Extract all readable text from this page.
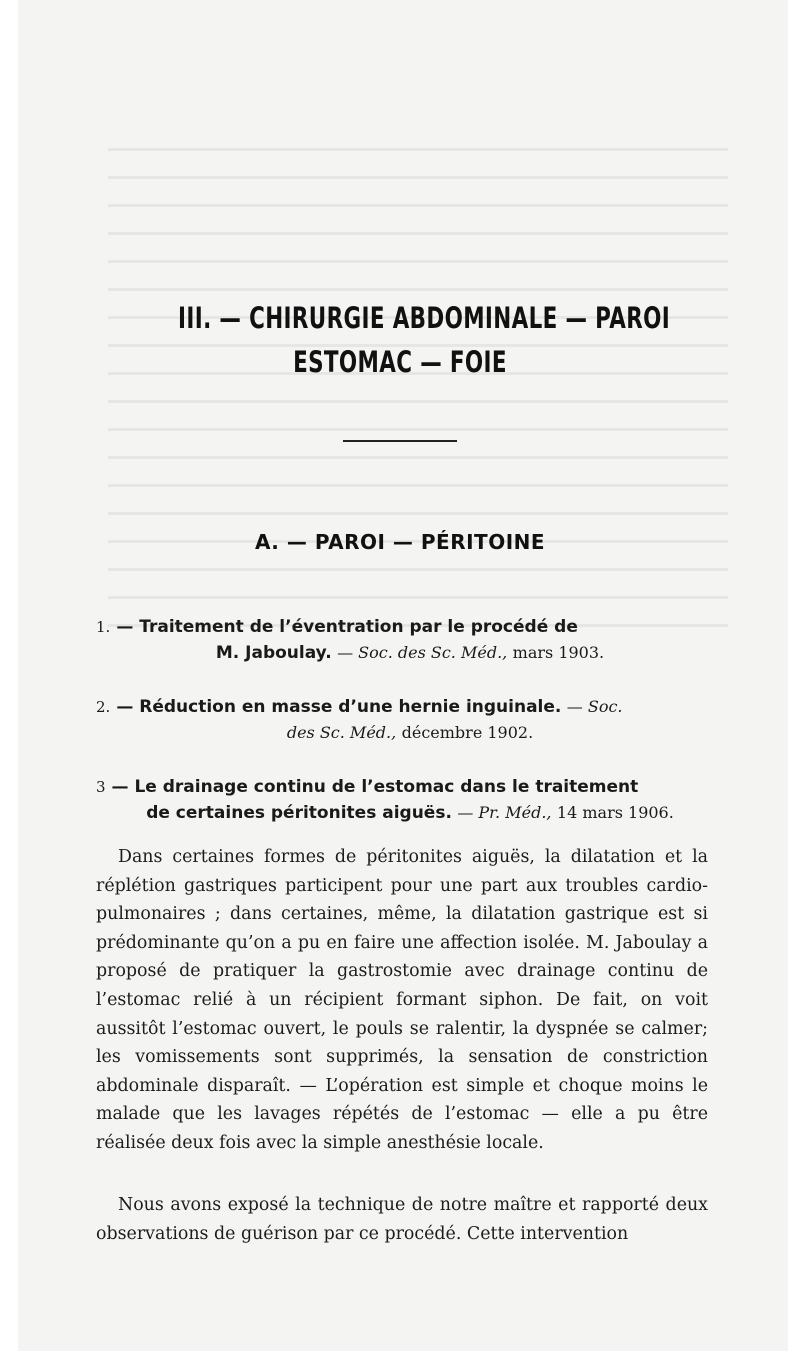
III. — CHIRURGIE ABDOMINALE — PAROI
ESTOMAC — FOIE
A. — PAROI — PÉRITOINE
1. — Traitement de l’éventration par le procédé de
M. Jaboulay. — Soc. des Sc. Méd., mars 1903.
2. — Réduction en masse d’une hernie inguinale. — Soc.
des Sc. Méd., décembre 1902.
3 — Le drainage continu de l’estomac dans le traitement
de certaines péritonites aiguës. — Pr. Méd., 14 mars 1906.

Dans certaines formes de péritonites aiguës, la dilatation et la réplétion gastriques participent pour une part aux troubles cardio-pulmonaires ; dans certaines, même, la dilatation gastrique est si prédominante qu’on a pu en faire une affection isolée. M. Jaboulay a proposé de pratiquer la gastrostomie avec drainage continu de l’estomac relié à un récipient formant siphon. De fait, on voit aussitôt l’estomac ouvert, le pouls se ralentir, la dyspnée se calmer; les vomissements sont supprimés, la sensation de constriction abdominale disparaît. — L’opération est simple et choque moins le malade que les lavages répétés de l’estomac — elle a pu être réalisée deux fois avec la simple anesthésie locale.

Nous avons exposé la technique de notre maître et rapporté deux observations de guérison par ce procédé. Cette intervention
